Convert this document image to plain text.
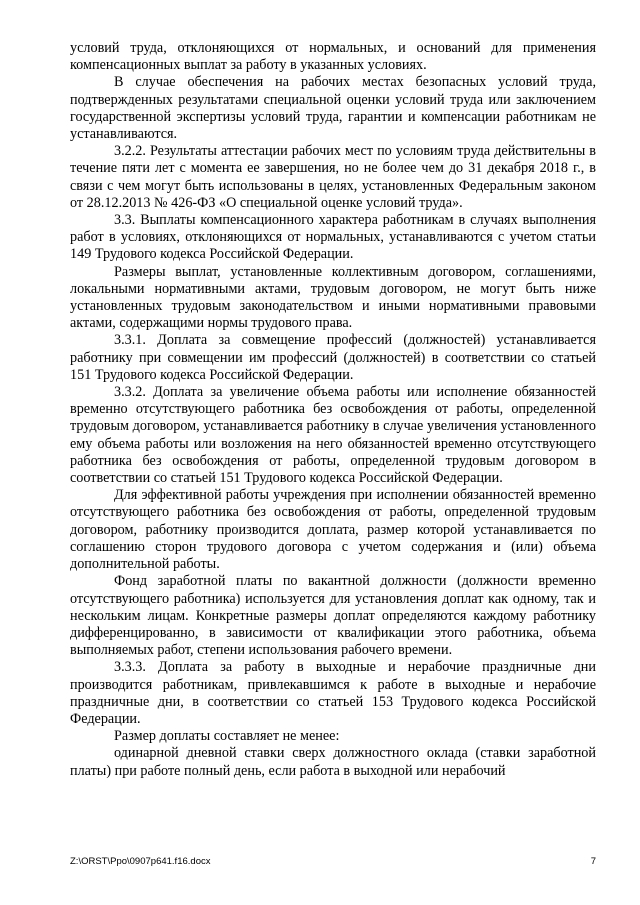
условий труда, отклоняющихся от нормальных, и оснований для применения компенсационных выплат за работу в указанных условиях.

В случае обеспечения на рабочих местах безопасных условий труда, подтвержденных результатами специальной оценки условий труда или заключением государственной экспертизы условий труда, гарантии и компенсации работникам не устанавливаются.

3.2.2. Результаты аттестации рабочих мест по условиям труда действительны в течение пяти лет с момента ее завершения, но не более чем до 31 декабря 2018 г., в связи с чем могут быть использованы в целях, установленных Федеральным законом от 28.12.2013 № 426-ФЗ «О специальной оценке условий труда».

3.3. Выплаты компенсационного характера работникам в случаях выполнения работ в условиях, отклоняющихся от нормальных, устанавливаются с учетом статьи 149 Трудового кодекса Российской Федерации.

Размеры выплат, установленные коллективным договором, соглашениями, локальными нормативными актами, трудовым договором, не могут быть ниже установленных трудовым законодательством и иными нормативными правовыми актами, содержащими нормы трудового права.

3.3.1. Доплата за совмещение профессий (должностей) устанавливается работнику при совмещении им профессий (должностей) в соответствии со статьей 151 Трудового кодекса Российской Федерации.

3.3.2. Доплата за увеличение объема работы или исполнение обязанностей временно отсутствующего работника без освобождения от работы, определенной трудовым договором, устанавливается работнику в случае увеличения установленного ему объема работы или возложения на него обязанностей временно отсутствующего работника без освобождения от работы, определенной трудовым договором в соответствии со статьей 151 Трудового кодекса Российской Федерации.

Для эффективной работы учреждения при исполнении обязанностей временно отсутствующего работника без освобождения от работы, определенной трудовым договором, работнику производится доплата, размер которой устанавливается по соглашению сторон трудового договора с учетом содержания и (или) объема дополнительной работы.

Фонд заработной платы по вакантной должности (должности временно отсутствующего работника) используется для установления доплат как одному, так и нескольким лицам. Конкретные размеры доплат определяются каждому работнику дифференцированно, в зависимости от квалификации этого работника, объема выполняемых работ, степени использования рабочего времени.

3.3.3. Доплата за работу в выходные и нерабочие праздничные дни производится работникам, привлекавшимся к работе в выходные и нерабочие праздничные дни, в соответствии со статьей 153 Трудового кодекса Российской Федерации.

Размер доплаты составляет не менее:

одинарной дневной ставки сверх должностного оклада (ставки заработной платы) при работе полный день, если работа в выходной или нерабочий

Z:\ORST\Ppo\0907p641.f16.docx	7
